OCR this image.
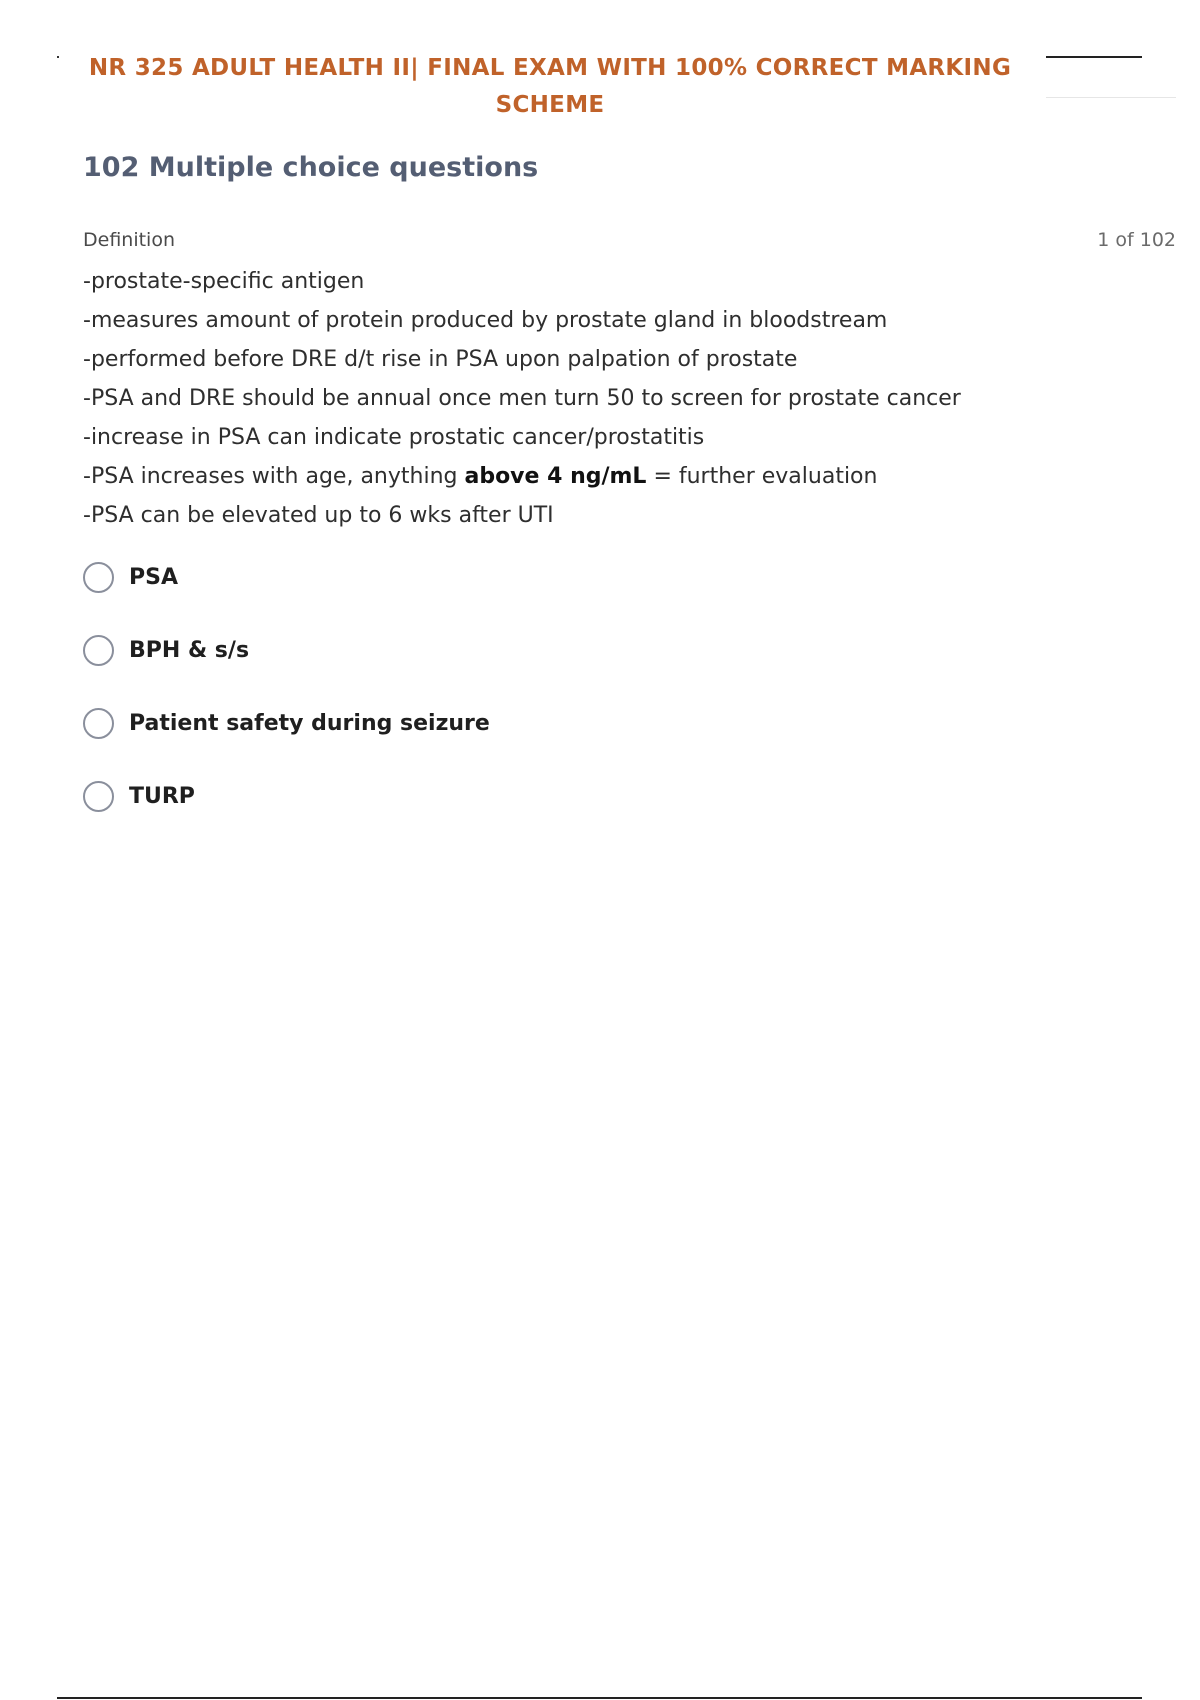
NR 325 ADULT HEALTH II| FINAL EXAM WITH 100% CORRECT MARKING
SCHEME
102 Multiple choice questions
Definition	1 of 102
-prostate-specific antigen
-measures amount of protein produced by prostate gland in bloodstream
-performed before DRE d/t rise in PSA upon palpation of prostate
-PSA and DRE should be annual once men turn 50 to screen for prostate cancer
-increase in PSA can indicate prostatic cancer/prostatitis
-PSA increases with age, anything above 4 ng/mL = further evaluation
-PSA can be elevated up to 6 wks after UTI
PSA
BPH & s/s
Patient safety during seizure
TURP
